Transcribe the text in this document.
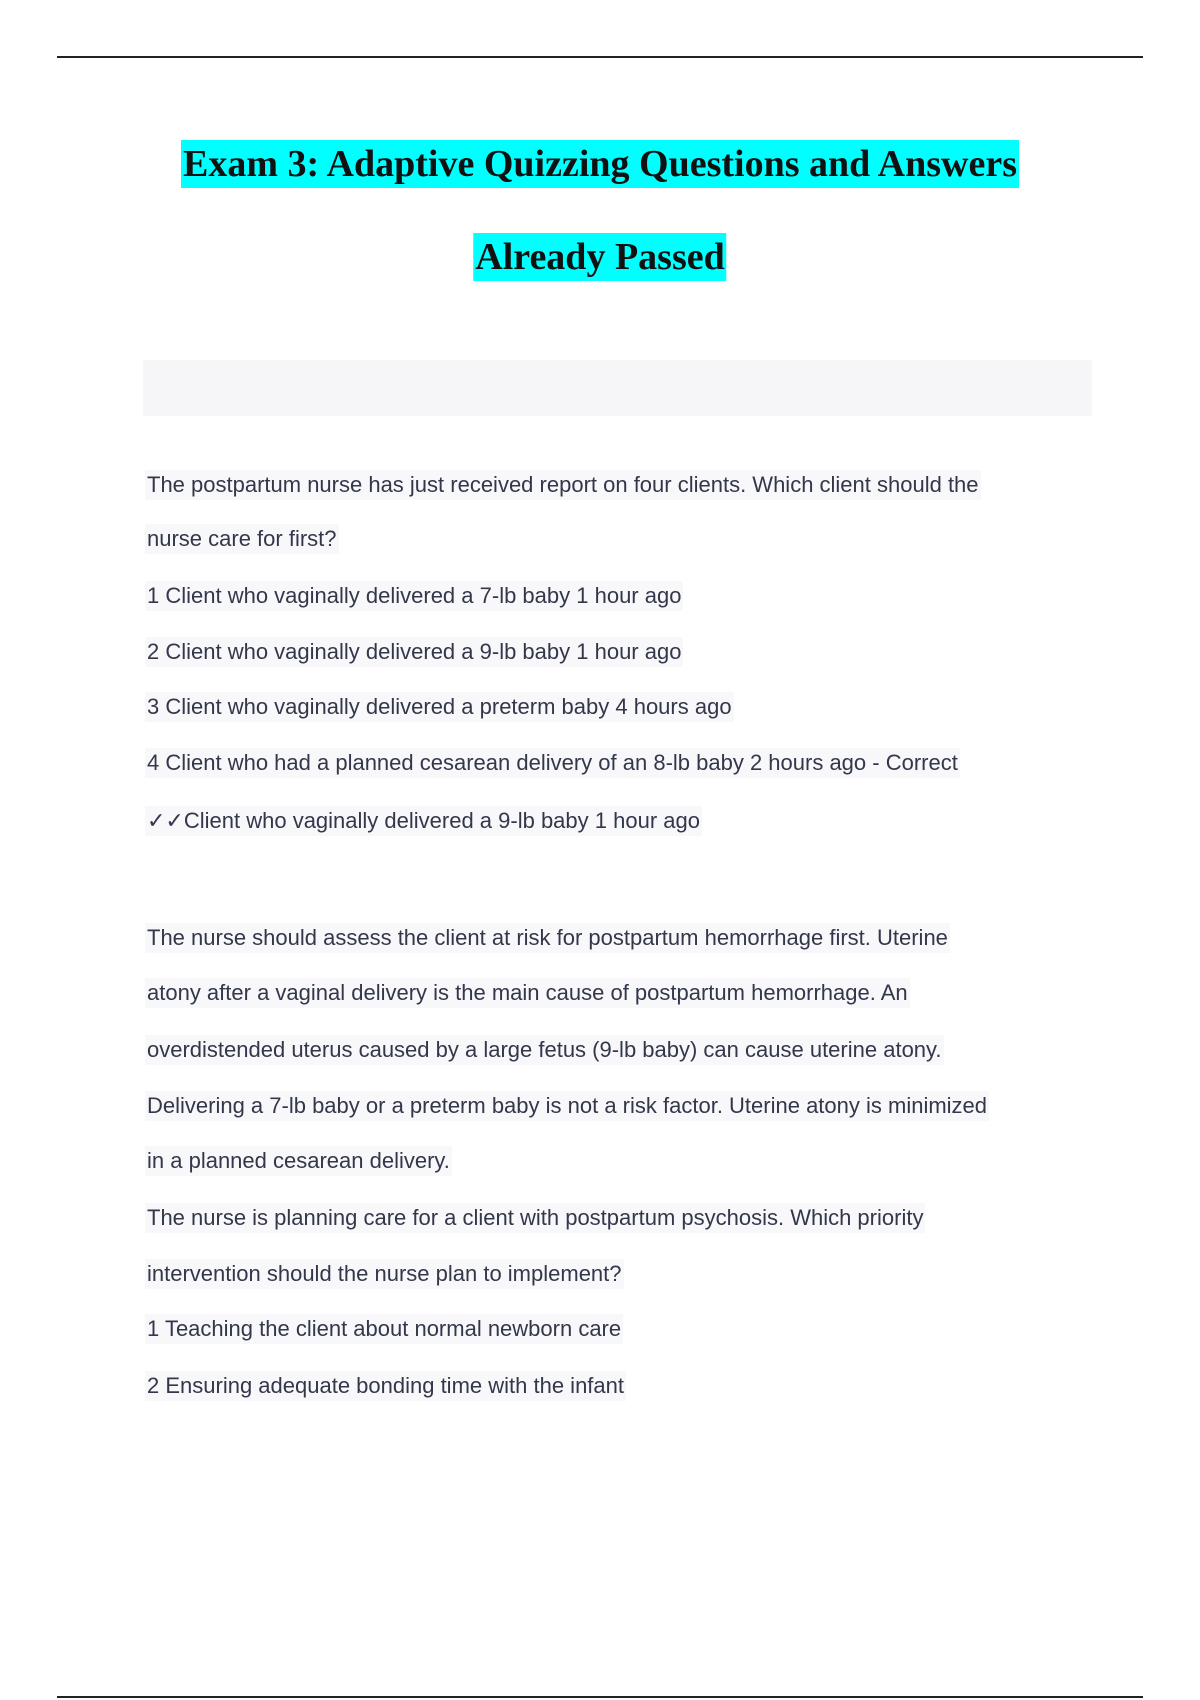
Exam 3: Adaptive Quizzing Questions and Answers
Already Passed
The postpartum nurse has just received report on four clients. Which client should the
nurse care for first?
1 Client who vaginally delivered a 7-lb baby 1 hour ago
2 Client who vaginally delivered a 9-lb baby 1 hour ago
3 Client who vaginally delivered a preterm baby 4 hours ago
4 Client who had a planned cesarean delivery of an 8-lb baby 2 hours ago - Correct
✓✓Client who vaginally delivered a 9-lb baby 1 hour ago
The nurse should assess the client at risk for postpartum hemorrhage first. Uterine
atony after a vaginal delivery is the main cause of postpartum hemorrhage. An
overdistended uterus caused by a large fetus (9-lb baby) can cause uterine atony.
Delivering a 7-lb baby or a preterm baby is not a risk factor. Uterine atony is minimized
in a planned cesarean delivery.
The nurse is planning care for a client with postpartum psychosis. Which priority
intervention should the nurse plan to implement?
1 Teaching the client about normal newborn care
2 Ensuring adequate bonding time with the infant
